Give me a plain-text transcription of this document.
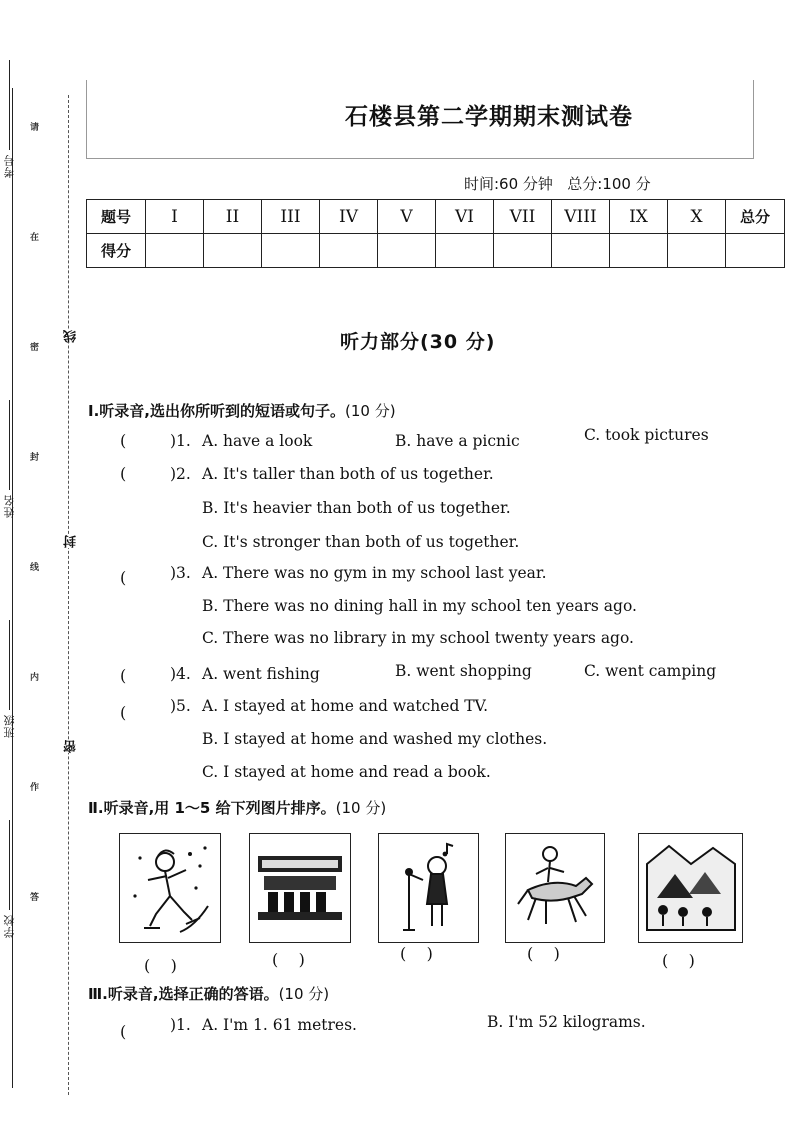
考号
姓名
班级
学校
请
在
密
封
线
内
作
答
线
封
密
石楼县第二学期期末测试卷
时间:60 分钟 总分:100 分
题号	I	II	III	IV	V	VI	VII	VIII	IX	X	总分
得分											
听力部分(30 分)
Ⅰ.听录音,选出你所听到的短语或句子。(10 分)
(	)1. A. have a look	B. have a picnic	C. took pictures
(	)2. A. It's taller than both of us together.
B. It's heavier than both of us together.
C. It's stronger than both of us together.
(	)3. A. There was no gym in my school last year.
B. There was no dining hall in my school ten years ago.
C. There was no library in my school twenty years ago.
(	)4. A. went fishing	B. went shopping	C. went camping
(	)5. A. I stayed at home and watched TV.
B. I stayed at home and washed my clothes.
C. I stayed at home and read a book.
Ⅱ.听录音,用 1～5 给下列图片排序。(10 分)
( )	( )	( )	( )	( )
Ⅲ.听录音,选择正确的答语。(10 分)
(	)1. A. I'm 1. 61 metres.	B. I'm 52 kilograms.
